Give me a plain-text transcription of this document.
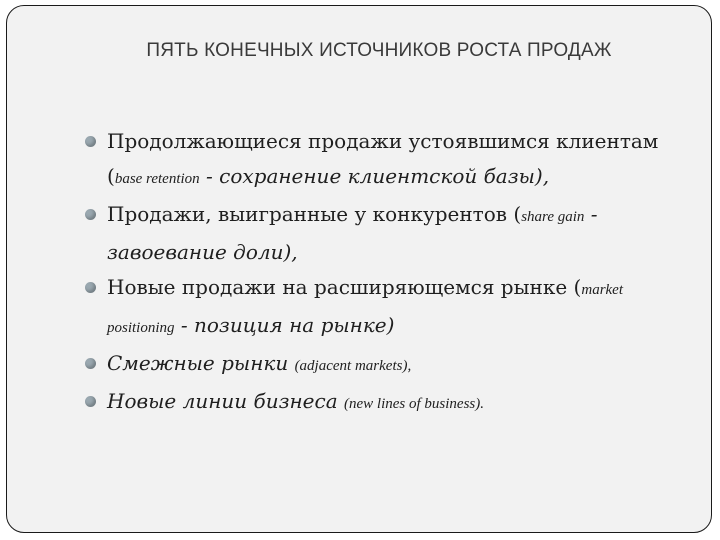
ПЯТЬ КОНЕЧНЫХ ИСТОЧНИКОВ РОСТА ПРОДАЖ
Продолжающиеся продажи устоявшимся клиентам (base retention - сохранение клиентской базы),
Продажи, выигранные у конкурентов (share gain - завоевание доли),
Новые продажи на расширяющемся рынке (market positioning - позиция на рынке)
Смежные рынки (adjacent markets),
Новые линии бизнеса (new lines of business).
